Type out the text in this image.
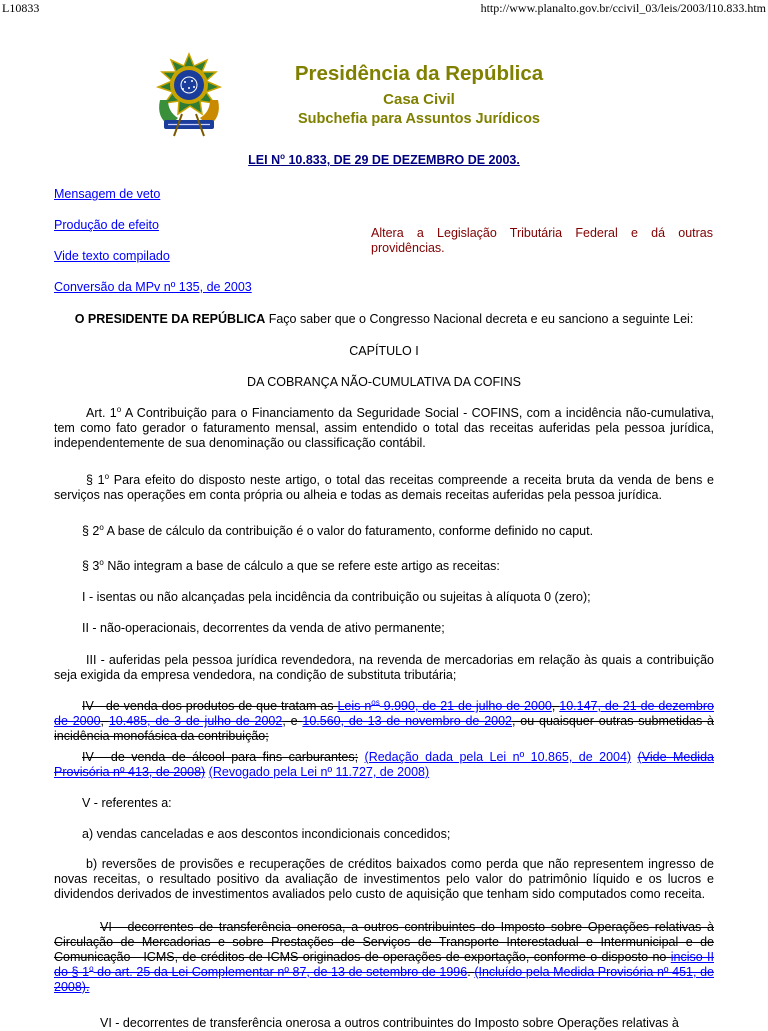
L10833	http://www.planalto.gov.br/ccivil_03/leis/2003/l10.833.htm
Presidência da República
Casa Civil
Subchefia para Assuntos Jurídicos
LEI $N^o$ 10.833, DE 29 DE DEZEMBRO DE 2003.
Mensagem de veto
Produção de efeito
Vide texto compilado
Conversão da MPv nº 135, de 2003
Altera a Legislação Tributária Federal e dá outras providências.

O PRESIDENTE DA REPÚBLICA Faço saber que o Congresso Nacional decreta e eu sanciono a seguinte Lei:

CAPÍTULO I

DA COBRANÇA NÃO-CUMULATIVA DA COFINS

Art. 1$^o$ A Contribuição para o Financiamento da Seguridade Social - COFINS, com a incidência não-cumulativa, tem como fato gerador o faturamento mensal, assim entendido o total das receitas auferidas pela pessoa jurídica, independentemente de sua denominação ou classificação contábil.

§ 1$^o$ Para efeito do disposto neste artigo, o total das receitas compreende a receita bruta da venda de bens e serviços nas operações em conta própria ou alheia e todas as demais receitas auferidas pela pessoa jurídica.

§ 2$^o$ A base de cálculo da contribuição é o valor do faturamento, conforme definido no caput.

§ 3$^o$ Não integram a base de cálculo a que se refere este artigo as receitas:

I - isentas ou não alcançadas pela incidência da contribuição ou sujeitas à alíquota 0 (zero);

II - não-operacionais, decorrentes da venda de ativo permanente;

III - auferidas pela pessoa jurídica revendedora, na revenda de mercadorias em relação às quais a contribuição seja exigida da empresa vendedora, na condição de substituta tributária;

IV - de venda dos produtos de que tratam as Leis $n^{os}$ 9.990, de 21 de julho de 2000, 10.147, de 21 de dezembro de 2000, 10.485, de 3 de julho de 2002, e 10.560, de 13 de novembro de 2002, ou quaisquer outras submetidas à incidência monofásica da contribuição;

IV - de venda de álcool para fins carburantes; (Redação dada pela Lei nº 10.865, de 2004) (Vide Medida Provisória nº 413, de 2008) (Revogado pela Lei nº 11.727, de 2008)

V - referentes a:

a) vendas canceladas e aos descontos incondicionais concedidos;

b) reversões de provisões e recuperações de créditos baixados como perda que não representem ingresso de novas receitas, o resultado positivo da avaliação de investimentos pelo valor do patrimônio líquido e os lucros e dividendos derivados de investimentos avaliados pelo custo de aquisição que tenham sido computados como receita.

VI - decorrentes de transferência onerosa, a outros contribuintes do Imposto sobre Operações relativas à Circulação de Mercadorias e sobre Prestações de Serviços de Transporte Interestadual e Intermunicipal e de Comunicação - ICMS, de créditos de ICMS originados de operações de exportação, conforme o disposto no inciso II do § 1$^o$ do art. 25 da Lei Complementar nº 87, de 13 de setembro de 1996. (Incluído pela Medida Provisória nº 451, de 2008).

VI - decorrentes de transferência onerosa a outros contribuintes do Imposto sobre Operações relativas à
